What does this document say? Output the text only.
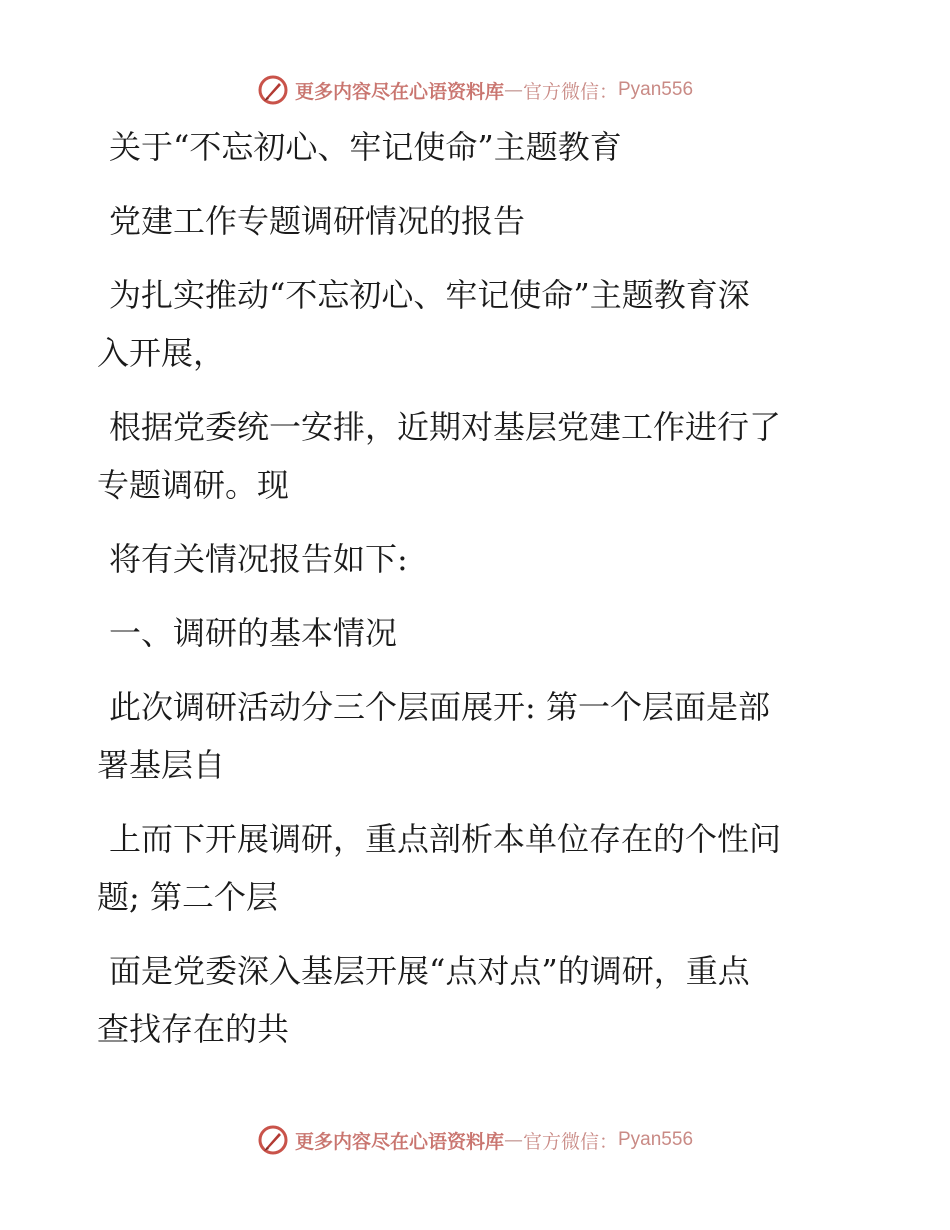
更多内容尽在心语资料库 — 官方微信： Pyan556

关于“不忘初心、牢记使命”主题教育

党建工作专题调研情况的报告

为扎实推动“不忘初心、牢记使命”主题教育深

入开展，

根据党委统一安排，近期对基层党建工作进行了

专题调研。现

将有关情况报告如下:

一、调研的基本情况

此次调研活动分三个层面展开: 第一个层面是部

署基层自

上而下开展调研，重点剖析本单位存在的个性问

题; 第二个层

面是党委深入基层开展“点对点”的调研，重点

查找存在的共

更多内容尽在心语资料库 — 官方微信： Pyan556
